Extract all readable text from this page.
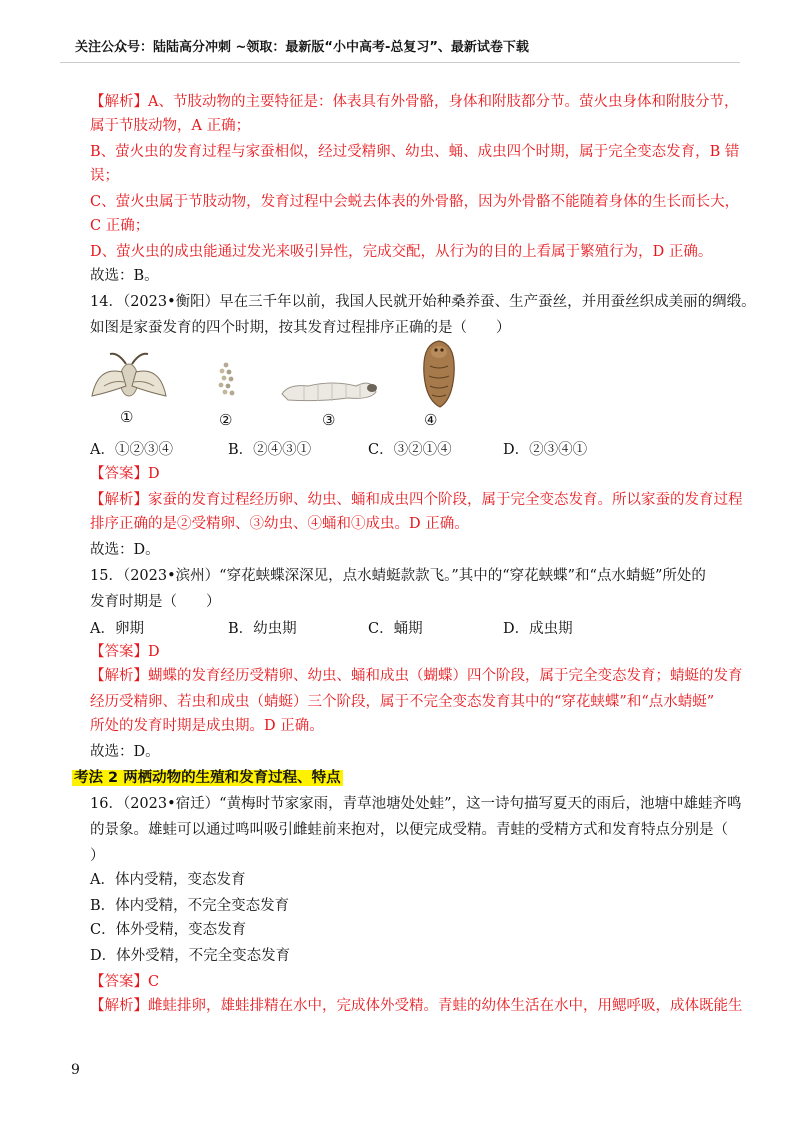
关注公众号：陆陆高分冲刺 ~领取：最新版“小中高考-总复习”、最新试卷下载
【解析】A、节肢动物的主要特征是：体表具有外骨骼，身体和附肢都分节。萤火虫身体和附肢分节，
属于节肢动物，A 正确；
B、萤火虫的发育过程与家蚕相似，经过受精卵、幼虫、蛹、成虫四个时期，属于完全变态发育，B 错
误；
C、萤火虫属于节肢动物，发育过程中会蜕去体表的外骨骼，因为外骨骼不能随着身体的生长而长大，
C 正确；
D、萤火虫的成虫能通过发光来吸引异性，完成交配，从行为的目的上看属于繁殖行为，D 正确。
故选：B。
14．（2023•衡阳）早在三千年以前，我国人民就开始种桑养蚕、生产蚕丝，并用蚕丝织成美丽的绸缎。
如图是家蚕发育的四个时期，按其发育过程排序正确的是（　　）
①	②	③	④
A．①②③④	B．②④③①	C．③②①④	D．②③④①
【答案】D
【解析】家蚕的发育过程经历卵、幼虫、蛹和成虫四个阶段，属于完全变态发育。所以家蚕的发育过程
排序正确的是②受精卵、③幼虫、④蛹和①成虫。D 正确。
故选：D。
15．（2023•滨州）“穿花蛱蝶深深见，点水蜻蜓款款飞。”其中的“穿花蛱蝶”和“点水蜻蜓”所处的
发育时期是（　　）
A．卵期	B．幼虫期	C．蛹期	D．成虫期
【答案】D
【解析】蝴蝶的发育经历受精卵、幼虫、蛹和成虫（蝴蝶）四个阶段，属于完全变态发育；蜻蜓的发育
经历受精卵、若虫和成虫（蜻蜓）三个阶段，属于不完全变态发育其中的“穿花蛱蝶”和“点水蜻蜓”
所处的发育时期是成虫期。D 正确。
故选：D。
考法 2 两栖动物的生殖和发育过程、特点
16．（2023•宿迁）“黄梅时节家家雨，青草池塘处处蛙”，这一诗句描写夏天的雨后，池塘中雄蛙齐鸣
的景象。雄蛙可以通过鸣叫吸引雌蛙前来抱对，以便完成受精。青蛙的受精方式和发育特点分别是（
）
A．体内受精，变态发育
B．体内受精，不完全变态发育
C．体外受精，变态发育
D．体外受精，不完全变态发育
【答案】C
【解析】雌蛙排卵，雄蛙排精在水中，完成体外受精。青蛙的幼体生活在水中，用鳃呼吸，成体既能生
9
